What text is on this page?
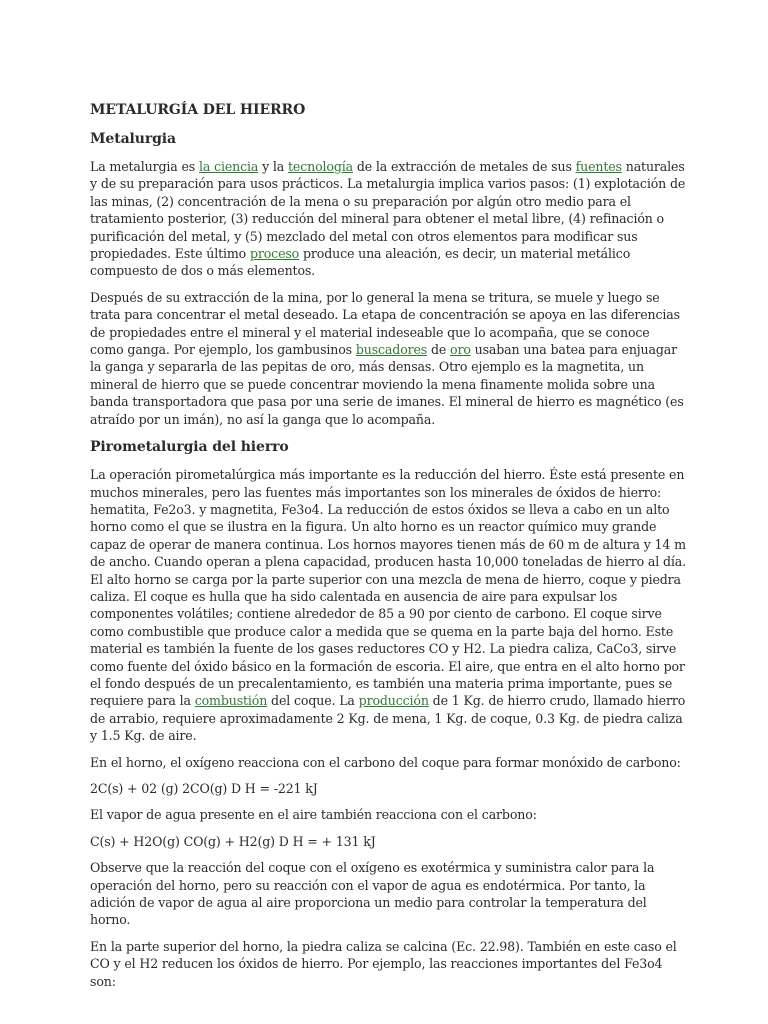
METALURGÍA DEL HIERRO
Metalurgia

La metalurgia es la ciencia y la tecnología de la extracción de metales de sus fuentes naturales y de su preparación para usos prácticos. La metalurgia implica varios pasos: (1) explotación de las minas, (2) concentración de la mena o su preparación por algún otro medio para el tratamiento posterior, (3) reducción del mineral para obtener el metal libre, (4) refinación o purificación del metal, y (5) mezclado del metal con otros elementos para modificar sus propiedades. Este último proceso produce una aleación, es decir, un material metálico compuesto de dos o más elementos.

Después de su extracción de la mina, por lo general la mena se tritura, se muele y luego se trata para concentrar el metal deseado. La etapa de concentración se apoya en las diferencias de propiedades entre el mineral y el material indeseable que lo acompaña, que se conoce como ganga. Por ejemplo, los gambusinos buscadores de oro usaban una batea para enjuagar la ganga y separarla de las pepitas de oro, más densas. Otro ejemplo es la magnetita, un mineral de hierro que se puede concentrar moviendo la mena finamente molida sobre una banda transportadora que pasa por una serie de imanes. El mineral de hierro es magnético (es atraído por un imán), no así la ganga que lo acompaña.

Pirometalurgia del hierro

La operación pirometalúrgica más importante es la reducción del hierro. Éste está presente en muchos minerales, pero las fuentes más importantes son los minerales de óxidos de hierro: hematita, Fe2o3. y magnetita, Fe3o4. La reducción de estos óxidos se lleva a cabo en un alto horno como el que se ilustra en la figura. Un alto horno es un reactor químico muy grande capaz de operar de manera continua. Los hornos mayores tienen más de 60 m de altura y 14 m de ancho. Cuando operan a plena capacidad, producen hasta 10,000 toneladas de hierro al día. El alto horno se carga por la parte superior con una mezcla de mena de hierro, coque y piedra caliza. El coque es hulla que ha sido calentada en ausencia de aire para expulsar los componentes volátiles; contiene alrededor de 85 a 90 por ciento de carbono. El coque sirve como combustible que produce calor a medida que se quema en la parte baja del horno. Este material es también la fuente de los gases reductores CO y H2. La piedra caliza, CaCo3, sirve como fuente del óxido básico en la formación de escoria. El aire, que entra en el alto horno por el fondo después de un precalentamiento, es también una materia prima importante, pues se requiere para la combustión del coque. La producción de 1 Kg. de hierro crudo, llamado hierro de arrabio, requiere aproximadamente 2 Kg. de mena, 1 Kg. de coque, 0.3 Kg. de piedra caliza y 1.5 Kg. de aire.

En el horno, el oxígeno reacciona con el carbono del coque para formar monóxido de carbono:

2C(s) + 02 (g) 2CO(g) D H = -221 kJ

El vapor de agua presente en el aire también reacciona con el carbono:

C(s) + H2O(g) CO(g) + H2(g) D H = + 131 kJ

Observe que la reacción del coque con el oxígeno es exotérmica y suministra calor para la operación del horno, pero su reacción con el vapor de agua es endotérmica. Por tanto, la adición de vapor de agua al aire proporciona un medio para controlar la temperatura del horno.

En la parte superior del horno, la piedra caliza se calcina (Ec. 22.98). También en este caso el CO y el H2 reducen los óxidos de hierro. Por ejemplo, las reacciones importantes del Fe3o4 son:
